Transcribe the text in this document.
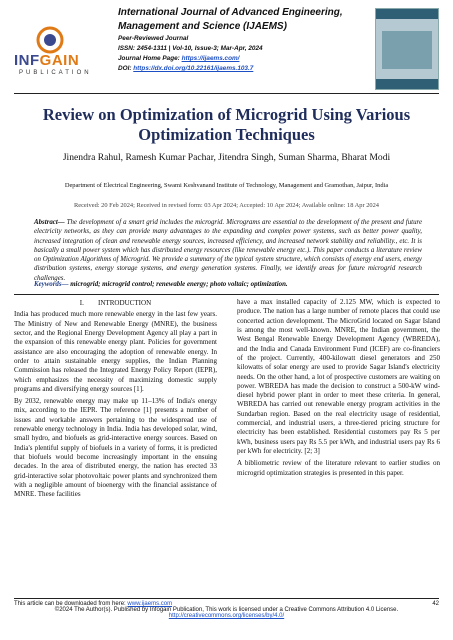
INFGAIN
PUBLICATION
International Journal of Advanced Engineering, Management and Science (IJAEMS)
Peer-Reviewed Journal
ISSN: 2454-1311 | Vol-10, Issue-3; Mar-Apr, 2024
Journal Home Page: https://ijaems.com/
DOI: https://dx.doi.org/10.22161/ijaems.103.7
Review on Optimization of Microgrid Using Various Optimization Techniques
Jinendra Rahul, Ramesh Kumar Pachar, Jitendra Singh, Suman Sharma, Bharat Modi
Department of Electrical Engineering, Swami Keshvanand Institute of Technology, Management and Gramothan, Jaipur, India
Received: 20 Feb 2024; Received in revised form: 03 Apr 2024; Accepted: 10 Apr 2024; Available online: 18 Apr 2024
Abstract— The development of a smart grid includes the microgrid. Micrograms are essential to the development of the present and future electricity networks, as they can provide many advantages to the expanding and complex power systems, such as better power quality, increased integration of clean and renewable energy sources, increased efficiency, and increased network stability and reliability., etc. It is basically a small power system which has distributed energy resources (like renewable energy etc.). This paper conducts a literature review on Optimization Algorithms of Microgrid. We provide a summary of the typical system structure, which consists of energy end users, energy distribution systems, energy storage systems, and energy generation systems. Finally, we identify areas for future microgrid research challenges.
Keywords— microgrid; microgrid control; renewable energy; photo voltaic; optimization.
I.        INTRODUCTION

India has produced much more renewable energy in the last few years. The Ministry of New and Renewable Energy (MNRE), the business sector, and the Regional Energy Development Agency all play a part in the expansion of this renewable energy plant. Policies for government assistance are also encouraging the adoption of renewable energy. In order to attain sustainable energy supplies, the Indian Planning Commission has released the Integrated Energy Policy Report (IEPR), which emphasizes the necessity of maximizing domestic supply programs and diversifying energy sources [1].

By 2032, renewable energy may make up 11–13% of India's energy mix, according to the IEPR. The reference [1] presents a number of issues and workable answers pertaining to the widespread use of renewable energy technology in India. India has developed solar, wind, small hydro, and biofuels as grid-interactive energy sources. Based on India's plentiful supply of biofuels in a variety of forms, it is predicted that biofuels would become increasingly important in the ensuing decades. In the area of distributed energy, the nation has erected 33 grid-interactive solar photovoltaic power plants and synchronized them with a negligible amount of bioenergy with the financial assistance of MNRE. These facilities

have a max installed capacity of 2.125 MW, which is expected to produce. The nation has a large number of remote places that could use concerted action development. The MicroGrid located on Sagar Island is among the most well-known. MNRE, the Indian government, the West Bengal Renewable Energy Development Agency (WBREDA), and the India and Canada Environment Fund (ICEF) are co-financiers of the project. Currently, 400-kilowatt diesel generators and 250 kilowatts of solar energy are used to provide Sagar Island's electricity needs. On the other hand, a lot of prospective customers are waiting on power. WBREDA has made the decision to construct a 500-kW wind-diesel hybrid power plant in order to meet these criteria. In general, WBREDA has carried out renewable energy program activities in the Sundarban region. Based on the real electricity usage of residential, commercial, and industrial users, a three-tiered pricing structure for electricity has been established. Residential customers pay Rs 5 per kWh, business users pay Rs 5.5 per kWh, and industrial users pay Rs 6 per kWh for electricity. [2; 3]

A bibliometric review of the literature relevant to earlier studies on microgrid optimization strategies is presented in this paper.

This article can be downloaded from here: www.ijaems.com	42
©2024 The Author(s). Published by Infogain Publication, This work is licensed under a Creative Commons Attribution 4.0 License.
http://creativecommons.org/licenses/by/4.0/
